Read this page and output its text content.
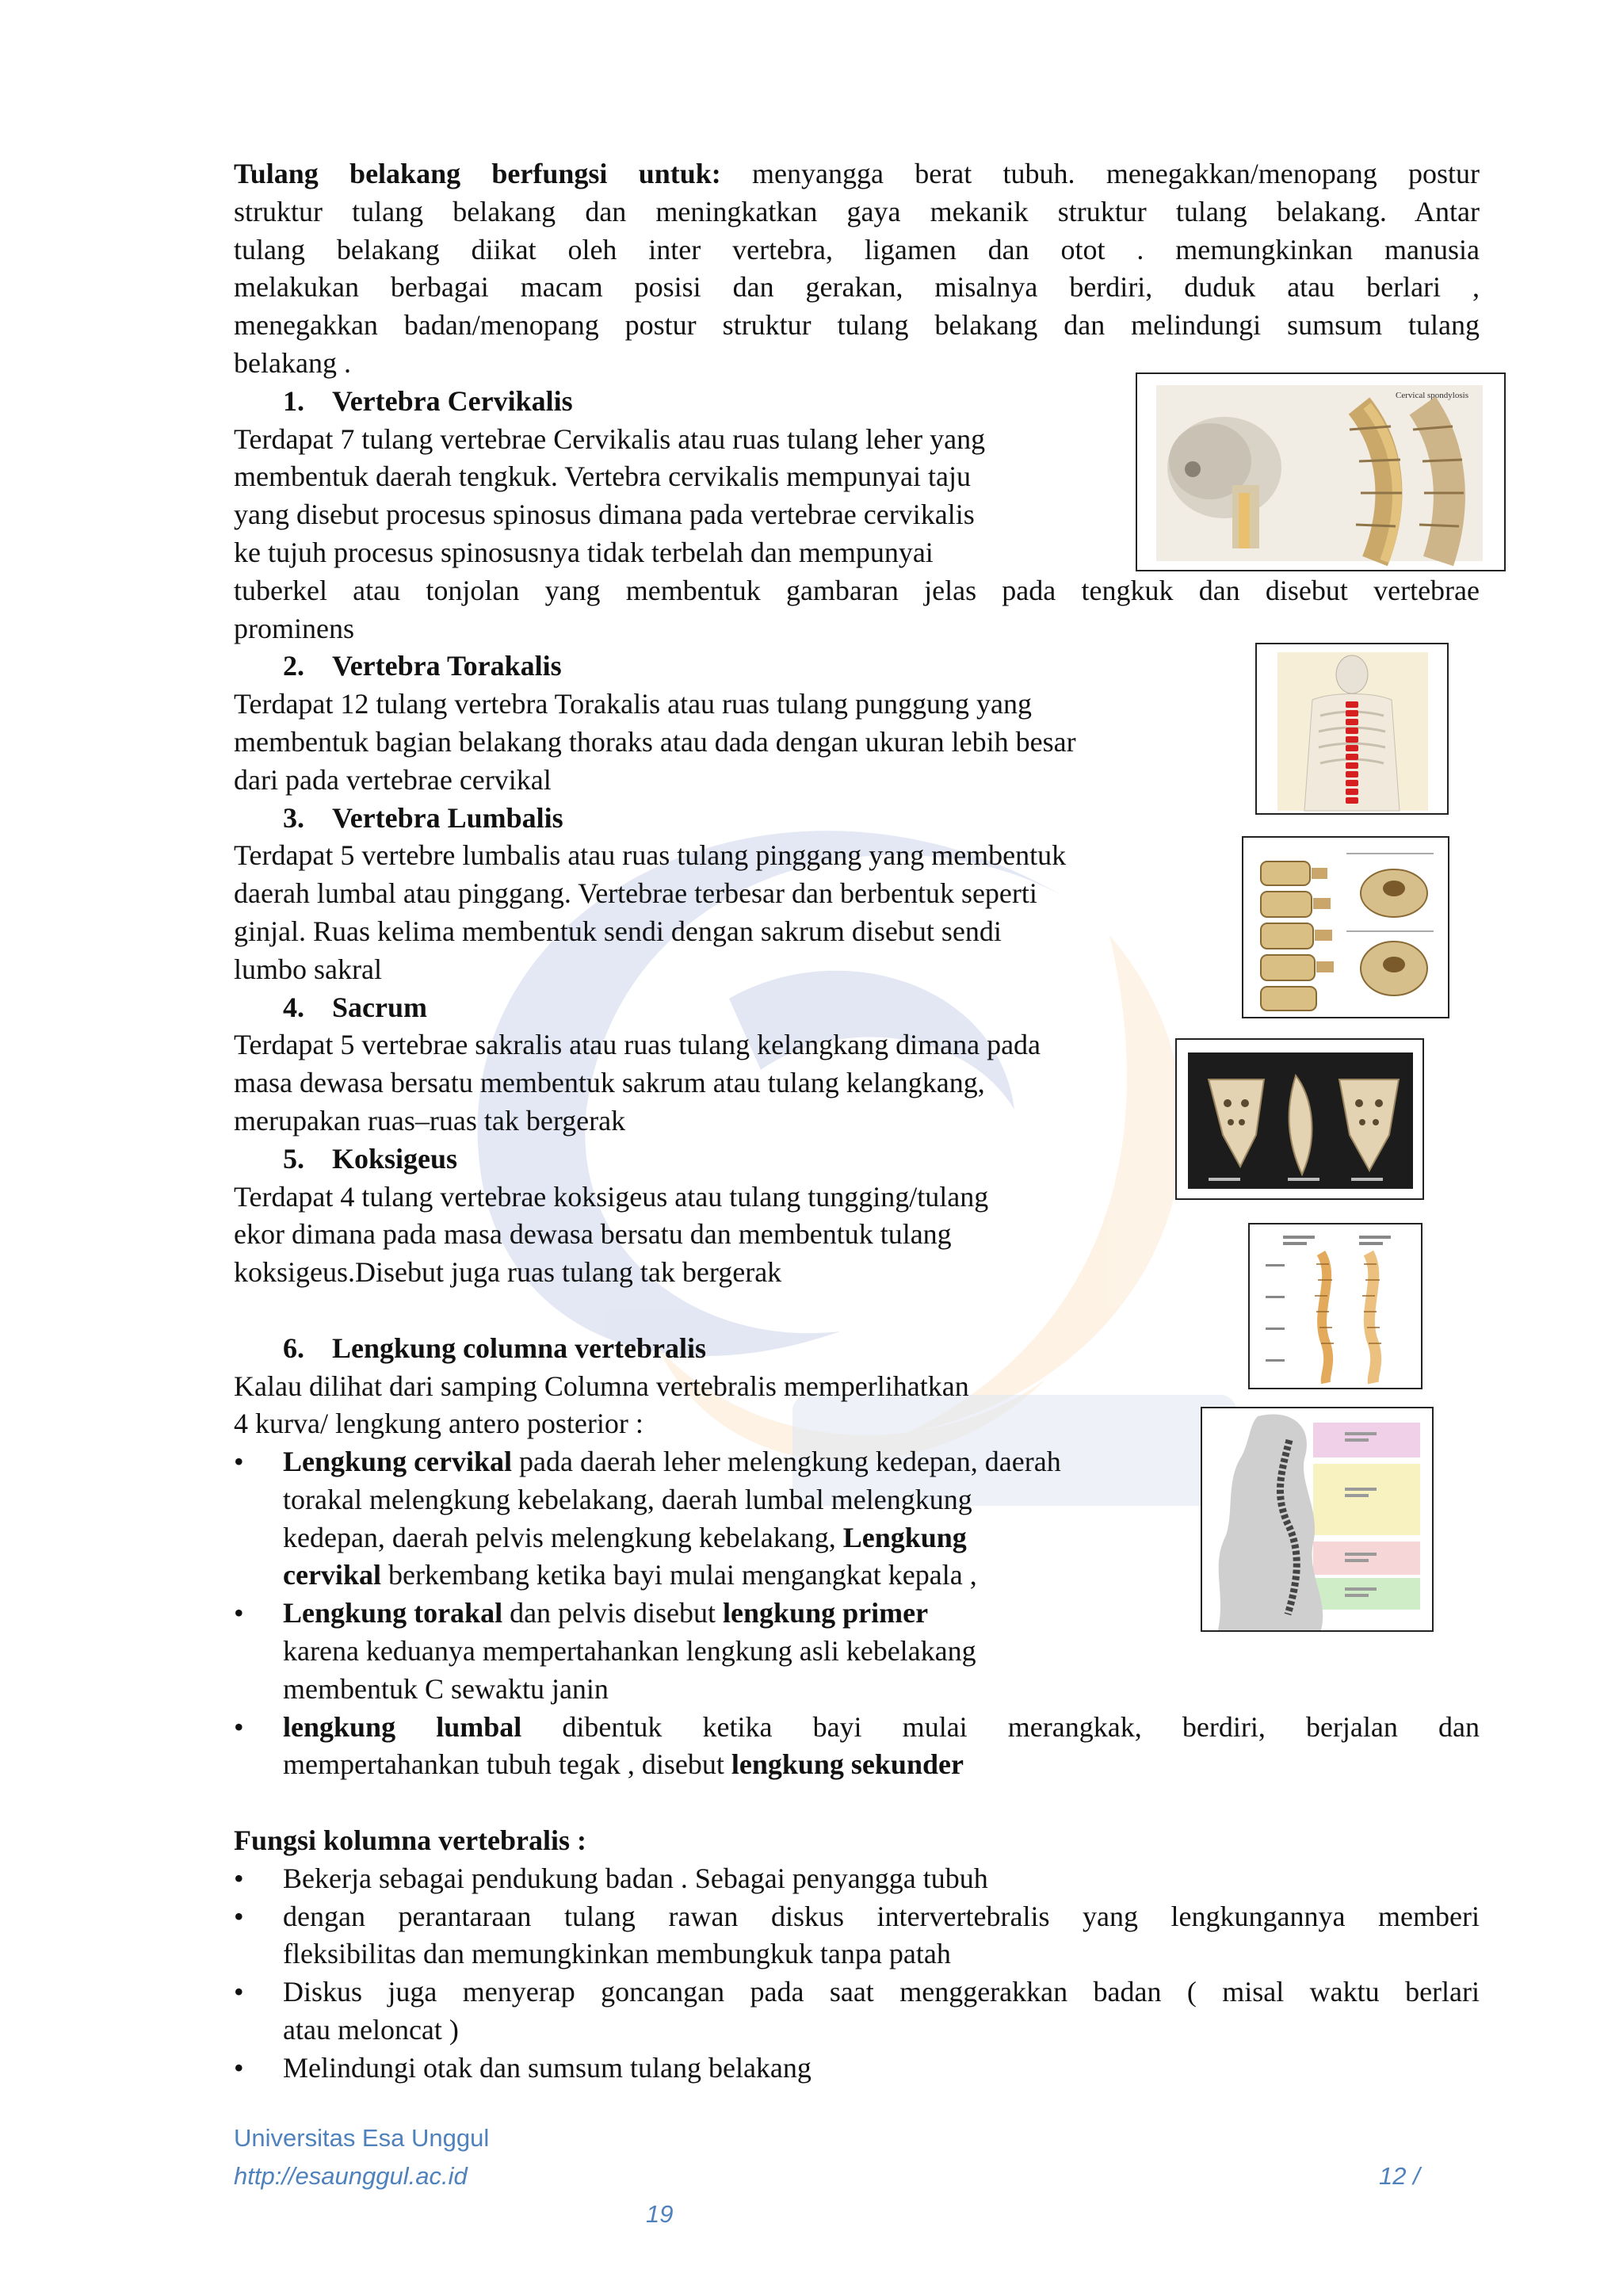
Tulang belakang berfungsi untuk: menyangga berat tubuh. menegakkan/menopang postur
struktur tulang belakang dan meningkatkan gaya mekanik struktur tulang belakang. Antar
tulang belakang diikat oleh inter vertebra, ligamen dan otot . memungkinkan manusia
melakukan berbagai macam posisi dan gerakan, misalnya berdiri, duduk atau berlari ,
menegakkan badan/menopang postur struktur tulang belakang dan melindungi sumsum tulang
belakang .
1. Vertebra Cervikalis
Terdapat 7 tulang vertebrae Cervikalis atau ruas tulang leher yang
membentuk daerah tengkuk. Vertebra cervikalis mempunyai taju
yang disebut procesus spinosus dimana pada vertebrae cervikalis
ke tujuh procesus spinosusnya tidak terbelah dan mempunyai
tuberkel atau tonjolan yang membentuk gambaran jelas pada tengkuk dan disebut vertebrae
prominens
2. Vertebra Torakalis
Terdapat 12 tulang vertebra Torakalis atau ruas tulang punggung yang
membentuk bagian belakang thoraks atau dada dengan ukuran lebih besar
dari pada vertebrae cervikal
3. Vertebra Lumbalis
Terdapat 5 vertebre lumbalis atau ruas tulang pinggang yang membentuk
daerah lumbal atau pinggang. Vertebrae terbesar dan berbentuk seperti
ginjal. Ruas kelima membentuk sendi dengan sakrum disebut sendi
lumbo sakral
4. Sacrum
Terdapat 5 vertebrae sakralis atau ruas tulang kelangkang dimana pada
masa dewasa bersatu membentuk sakrum atau tulang kelangkang,
merupakan ruas–ruas tak bergerak
5. Koksigeus
Terdapat 4 tulang vertebrae koksigeus atau tulang tungging/tulang
ekor dimana pada masa dewasa bersatu dan membentuk tulang
koksigeus.Disebut juga ruas tulang tak bergerak
6. Lengkung columna vertebralis
Kalau dilihat dari samping Columna vertebralis memperlihatkan
4 kurva/ lengkung antero posterior :
• Lengkung cervikal pada daerah leher melengkung kedepan, daerah
torakal melengkung kebelakang, daerah lumbal melengkung
kedepan, daerah pelvis melengkung kebelakang, Lengkung
cervikal berkembang ketika bayi mulai mengangkat kepala ,
• Lengkung torakal dan pelvis disebut lengkung primer
karena keduanya mempertahankan lengkung asli kebelakang
membentuk C sewaktu janin
• lengkung lumbal dibentuk ketika bayi mulai merangkak, berdiri, berjalan dan
mempertahankan tubuh tegak , disebut lengkung sekunder
Fungsi kolumna vertebralis :
• Bekerja sebagai pendukung badan . Sebagai penyangga tubuh
• dengan perantaraan tulang rawan diskus intervertebralis yang lengkungannya memberi
fleksibilitas dan memungkinkan membungkuk tanpa patah
• Diskus juga menyerap goncangan pada saat menggerakkan badan ( misal waktu berlari
atau meloncat )
• Melindungi otak dan sumsum tulang belakang
Cervical spondylosis
Universitas Esa Unggul
http://esaunggul.ac.id	12 /
19
